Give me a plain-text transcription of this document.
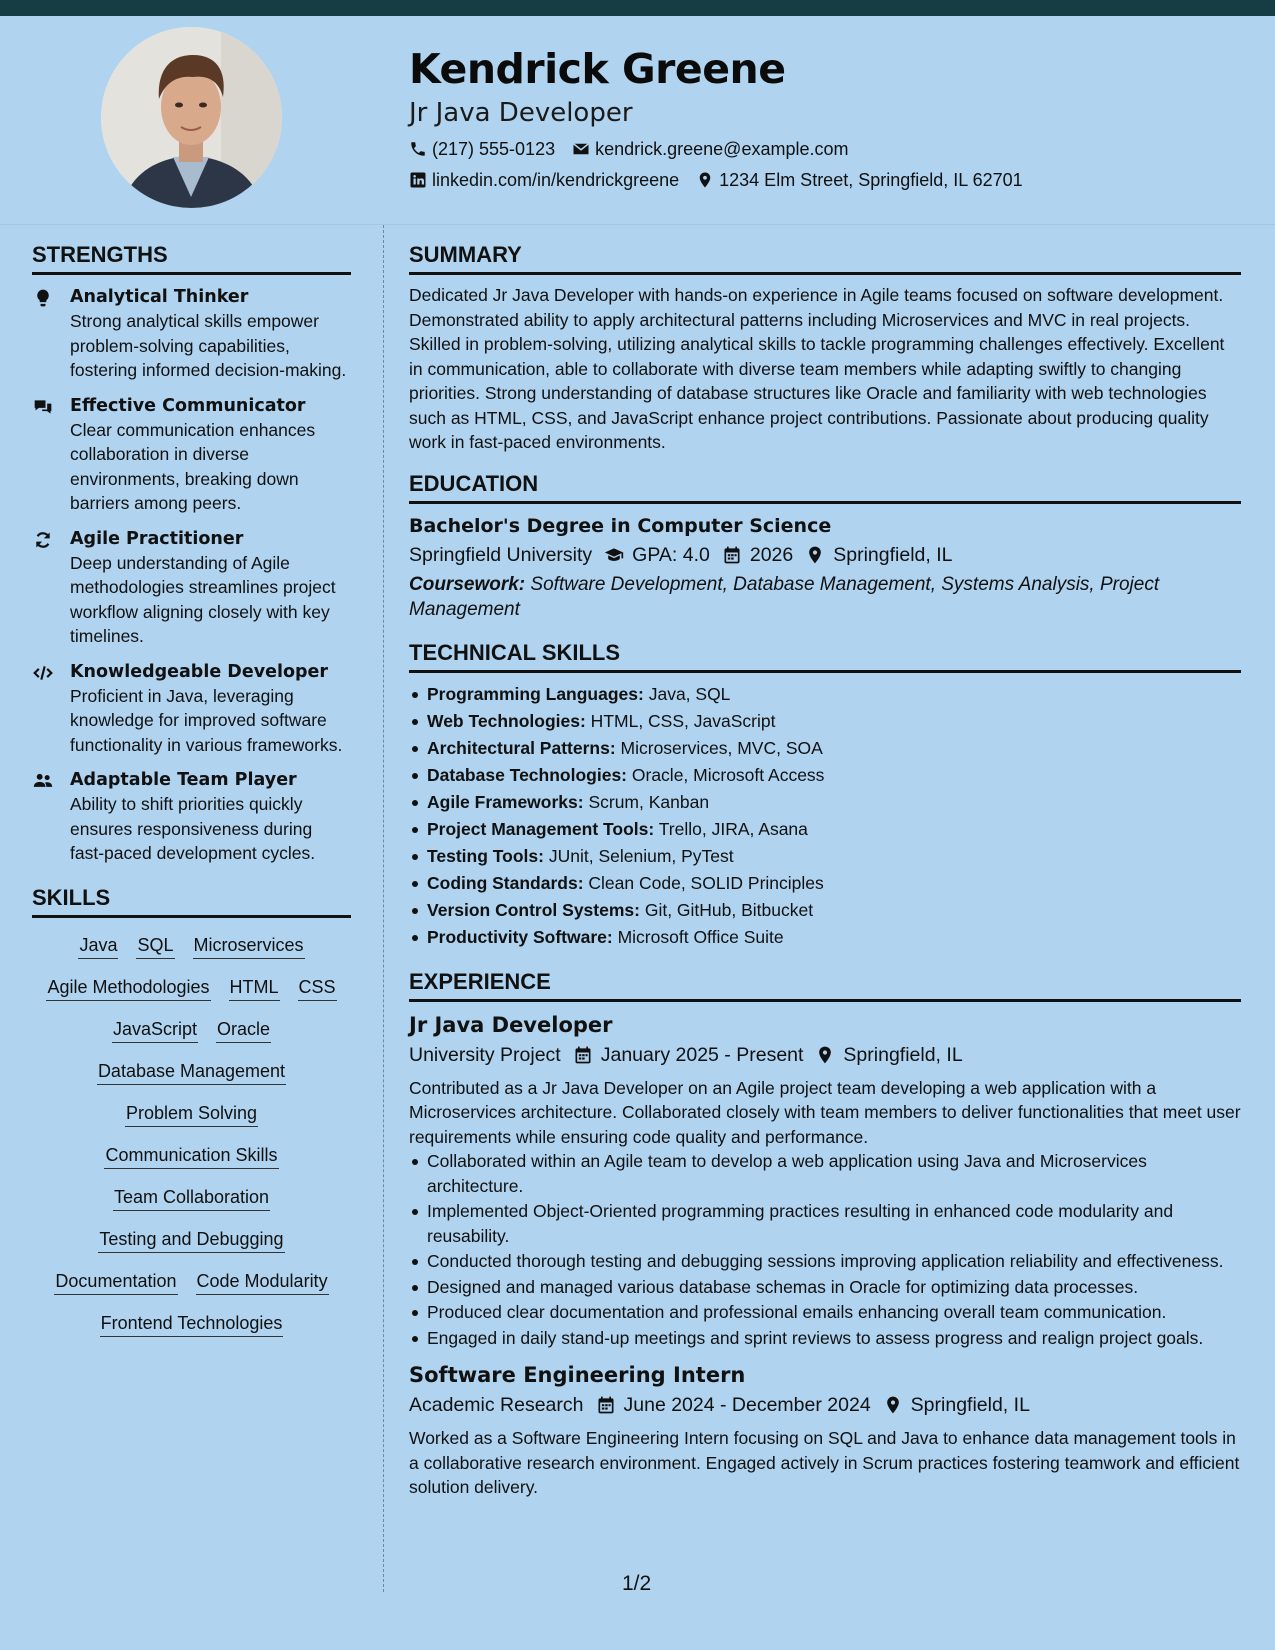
Kendrick Greene
Jr Java Developer
(217) 555-0123 kendrick.greene@example.com
linkedin.com/in/kendrickgreene 1234 Elm Street, Springfield, IL 62701
STRENGTHS
Analytical Thinker
Strong analytical skills empower problem-solving capabilities, fostering informed decision-making.
Effective Communicator
Clear communication enhances collaboration in diverse environments, breaking down barriers among peers.
Agile Practitioner
Deep understanding of Agile methodologies streamlines project workflow aligning closely with key timelines.
Knowledgeable Developer
Proficient in Java, leveraging knowledge for improved software functionality in various frameworks.
Adaptable Team Player
Ability to shift priorities quickly ensures responsiveness during fast-paced development cycles.
SKILLS
Java SQL Microservices
Agile Methodologies HTML CSS
JavaScript Oracle
Database Management
Problem Solving
Communication Skills
Team Collaboration
Testing and Debugging
Documentation Code Modularity
Frontend Technologies
SUMMARY
Dedicated Jr Java Developer with hands-on experience in Agile teams focused on software development. Demonstrated ability to apply architectural patterns including Microservices and MVC in real projects. Skilled in problem-solving, utilizing analytical skills to tackle programming challenges effectively. Excellent in communication, able to collaborate with diverse team members while adapting swiftly to changing priorities. Strong understanding of database structures like Oracle and familiarity with web technologies such as HTML, CSS, and JavaScript enhance project contributions. Passionate about producing quality work in fast-paced environments.
EDUCATION
Bachelor's Degree in Computer Science
Springfield University GPA: 4.0 2026 Springfield, IL
Coursework: Software Development, Database Management, Systems Analysis, Project Management
TECHNICAL SKILLS
Programming Languages: Java, SQL
Web Technologies: HTML, CSS, JavaScript
Architectural Patterns: Microservices, MVC, SOA
Database Technologies: Oracle, Microsoft Access
Agile Frameworks: Scrum, Kanban
Project Management Tools: Trello, JIRA, Asana
Testing Tools: JUnit, Selenium, PyTest
Coding Standards: Clean Code, SOLID Principles
Version Control Systems: Git, GitHub, Bitbucket
Productivity Software: Microsoft Office Suite
EXPERIENCE
Jr Java Developer
University Project January 2025 - Present Springfield, IL
Contributed as a Jr Java Developer on an Agile project team developing a web application with a Microservices architecture. Collaborated closely with team members to deliver functionalities that meet user requirements while ensuring code quality and performance.
Collaborated within an Agile team to develop a web application using Java and Microservices architecture.
Implemented Object-Oriented programming practices resulting in enhanced code modularity and reusability.
Conducted thorough testing and debugging sessions improving application reliability and effectiveness.
Designed and managed various database schemas in Oracle for optimizing data processes.
Produced clear documentation and professional emails enhancing overall team communication.
Engaged in daily stand-up meetings and sprint reviews to assess progress and realign project goals.
Software Engineering Intern
Academic Research June 2024 - December 2024 Springfield, IL
Worked as a Software Engineering Intern focusing on SQL and Java to enhance data management tools in a collaborative research environment. Engaged actively in Scrum practices fostering teamwork and efficient solution delivery.
1/2
